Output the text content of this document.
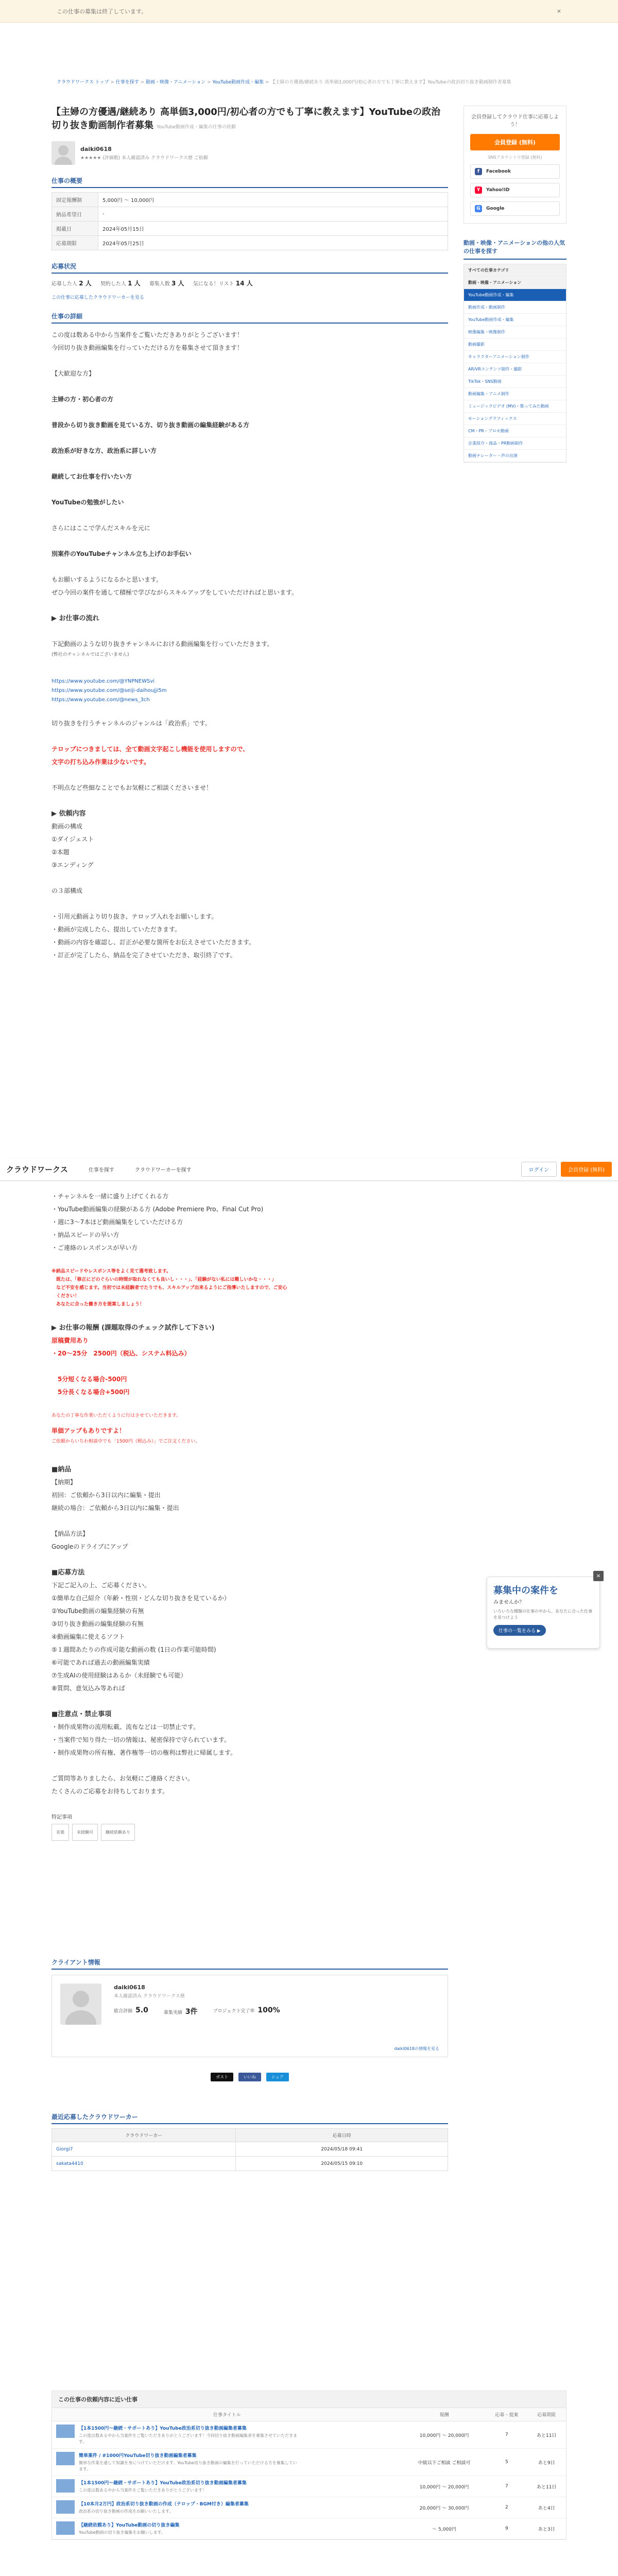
この仕事の募集は終了しています。	×
クラウドワークス トップ > 仕事を探す > 動画・映像・アニメーション > YouTube動画作成・編集 > 【主婦の方優遇/継続あり 高単価3,000円/初心者の方でも丁寧に教えます】YouTubeの政治切り抜き動画制作者募集
【主婦の方優遇/継続あり 高単価3,000円/初心者の方でも丁寧に教えます】YouTubeの政治切り抜き動画制作者募集 YouTube動画作成・編集の仕事の依頼
daiki0618
★★★★★ (評価数) 本人確認済み クラウドワークス歴 ご依頼
仕事の概要
固定報酬制	5,000円 〜 10,000円
納品希望日	-
掲載日	2024年05月15日
応募期限	2024年05月25日
応募状況
応募した人 2 人 契約した人 1 人 募集人数 3 人 気になる！リスト 14 人
この仕事に応募したクラウドワーカーを見る
仕事の詳細

この度は数ある中から当案件をご覧いただきありがとうございます！

今回切り抜き動画編集を行っていただける方を募集させて頂きます！

【大歓迎な方】

主婦の方・初心者の方

普段から切り抜き動画を見ている方、切り抜き動画の編集経験がある方

政治系が好きな方、政治系に詳しい方

継続してお仕事を行いたい方

YouTubeの勉強がしたい

さらにはここで学んだスキルを元に

別案件のYouTubeチャンネル立ち上げのお手伝い

もお願いするようになるかと思います。

ぜひ今回の案件を通して積極で学びながらスキルアップをしていただければと思います。

▶ お仕事の流れ

下記動画のような切り抜きチャンネルにおける動画編集を行っていただきます。

(弊社のチャンネルではございません)

https://www.youtube.com/@YNPNEWSvi

https://www.youtube.com/@seiji-daihoujji5m

https://www.youtube.com/@news_3ch

切り抜きを行うチャンネルのジャンルは「政治系」です。

テロップにつきましては、全て動画文字起こし機能を使用しますので、

文字の打ち込み作業は少ないです。

不明点など些細なことでもお気軽にご相談くださいませ！

▶ 依頼内容

動画の構成

①ダイジェスト

②本題

③エンディング

の３部構成

・引用元動画より切り抜き、テロップ入れをお願いします。

・動画が完成したら、提出していただきます。

・動画の内容を確認し、訂正が必要な箇所をお伝えさせていただきます。

・訂正が完了したら、納品を完了させていただき、取引終了です。

会員登録してクラウド仕事に応募しよう！
会員登録 (無料)
SNSアカウントで登録 (無料)
f	Facebook
Y	Yahoo!ID
G	Google
動画・映像・アニメーションの他の人気の仕事を探す
すべての仕事カテゴリ
動画・映像・アニメーション
YouTube動画作成・編集
動画作成・動画制作
YouTube動画作成・編集
映像編集・映像制作
動画撮影
キャラクターアニメーション制作
AR/VRコンテンツ制作・撮影
TikTok・SNS動画
動画編集・アニメ制作
ミュージックビデオ (MV)・歌ってみた動画
モーショングラフィックス
CM・PR・プロモ動画
企業紹介・商品・PR動画制作
動画ナレーター・声の出演
クラウドワークス	仕事を探す	クラウドワーカーを探す	ログイン	会員登録 (無料)

・チャンネルを一緒に盛り上げてくれる方

・YouTube動画編集の経験がある方 (Adobe Premiere Pro、Final Cut Pro)

・週に3〜7本ほど動画編集をしていただける方

・納品スピードの早い方

・ご連絡のレスポンスが早い方

※納品スピードやレスポンス等をよく見て選考致します。

　既たは、「修正にどのぐらいの時間が取れなくても良いし・・・」、「経験がない私には難しいかな・・・」

　など不安を感じます。当初では未経験者でたりでも、スキルアップ出来るようにご指導いたしますので、ご安心

　ください！

　あなたに合った働き方を提案しましょう！

▶ お仕事の報酬 (課題取得のチェック試作して下さい)

原稿費用あり

・20〜25分　2500円（税込、システム料込み）

　5分短くなる場合-500円

　5分長くなる場合+500円

あなたの丁寧な作業いただくように行はさせていただきます。

単価アップもありですよ！

ご依頼からいちわ相談中でも「1500円（税込み）」でご注文ください。

■納品

【納期】

初回：ご依頼から3日以内に編集・提出

継続の場合：ご依頼から3日以内に編集・提出

【納品方法】

Googleのドライブにアップ

■応募方法

下記ご記入の上、ご応募ください。

①簡単な自己紹介（年齢・性別・どんな切り抜きを見ているか）

②YouTube動画の編集経験の有無

③切り抜き動画の編集経験の有無

④動画編集に使えるソフト

⑤１週間あたりの作成可能な動画の数 (1日の作業可能時間)

⑥可能であれば過去の動画編集実績

⑦生成AIの使用経験はあるか（未経験でも可能）

⑧質問、意気込み等あれば

■注意点・禁止事項

・制作成果物の流用転載、流布などは一切禁止です。

・当案件で知り得た一切の情報は、秘密保持で守られています。

・制作成果物の所有権、著作権等一切の権利は弊社に帰属します。

ご質問等ありましたら、お気軽にご連絡ください。

たくさんのご応募をお待ちしております。

特記事項

音楽	未経験可	継続依頼あり
×
募集中の案件を
みませんか？
いろいろな種類の仕事の中から、あなたに合った仕事を見つけよう
仕事の一覧をみる ▶
クライアント情報
daiki0618
本人確認済み クラウドワークス歴
総合評価 5.0	募集実績 3件	プロジェクト完了率 100%
daiki0618の情報を見る
ポスト	いいね	シェア
最近応募したクラウドワーカー
クラウドワーカー	応募日時
Giorgi7	2024/05/18 09:41
sakata4410	2024/05/15 09:10
この仕事の依頼内容に近い仕事
仕事タイトル	報酬	応募・提案	応募期限
【1本1500円〜継続・サポートあり】YouTube政治系切り抜き動画編集者募集
この度は数ある中から当案件をご覧いただきありがとうございます！今回切り抜き動画編集者を募集させていただきます。	10,000円 〜 20,000円	7	あと11日
簡単案件 / #1000円YouTube切り抜き動画編集者募集
簡単な作業を通して知識を身につけていただけます。YouTube切り抜き動画の編集を行っていただける方を募集しています。	中級以下ご相談 ご相談可	5	あと9日
【1本1500円〜継続・サポートあり】YouTube政治系切り抜き動画編集者募集
この度は数ある中から当案件をご覧いただきありがとうございます！	10,000円 〜 20,000円	7	あと11日
【10本月2万円】政治系切り抜き動画の作成（テロップ・BGM付き）編集者募集
政治系の切り抜き動画の作成をお願いいたします。	20,000円 〜 30,000円	2	あと4日
【継続依頼あり】YouTube動画の切り抜き編集
YouTube動画の切り抜き編集をお願いします。	〜 5,000円	9	あと3日
